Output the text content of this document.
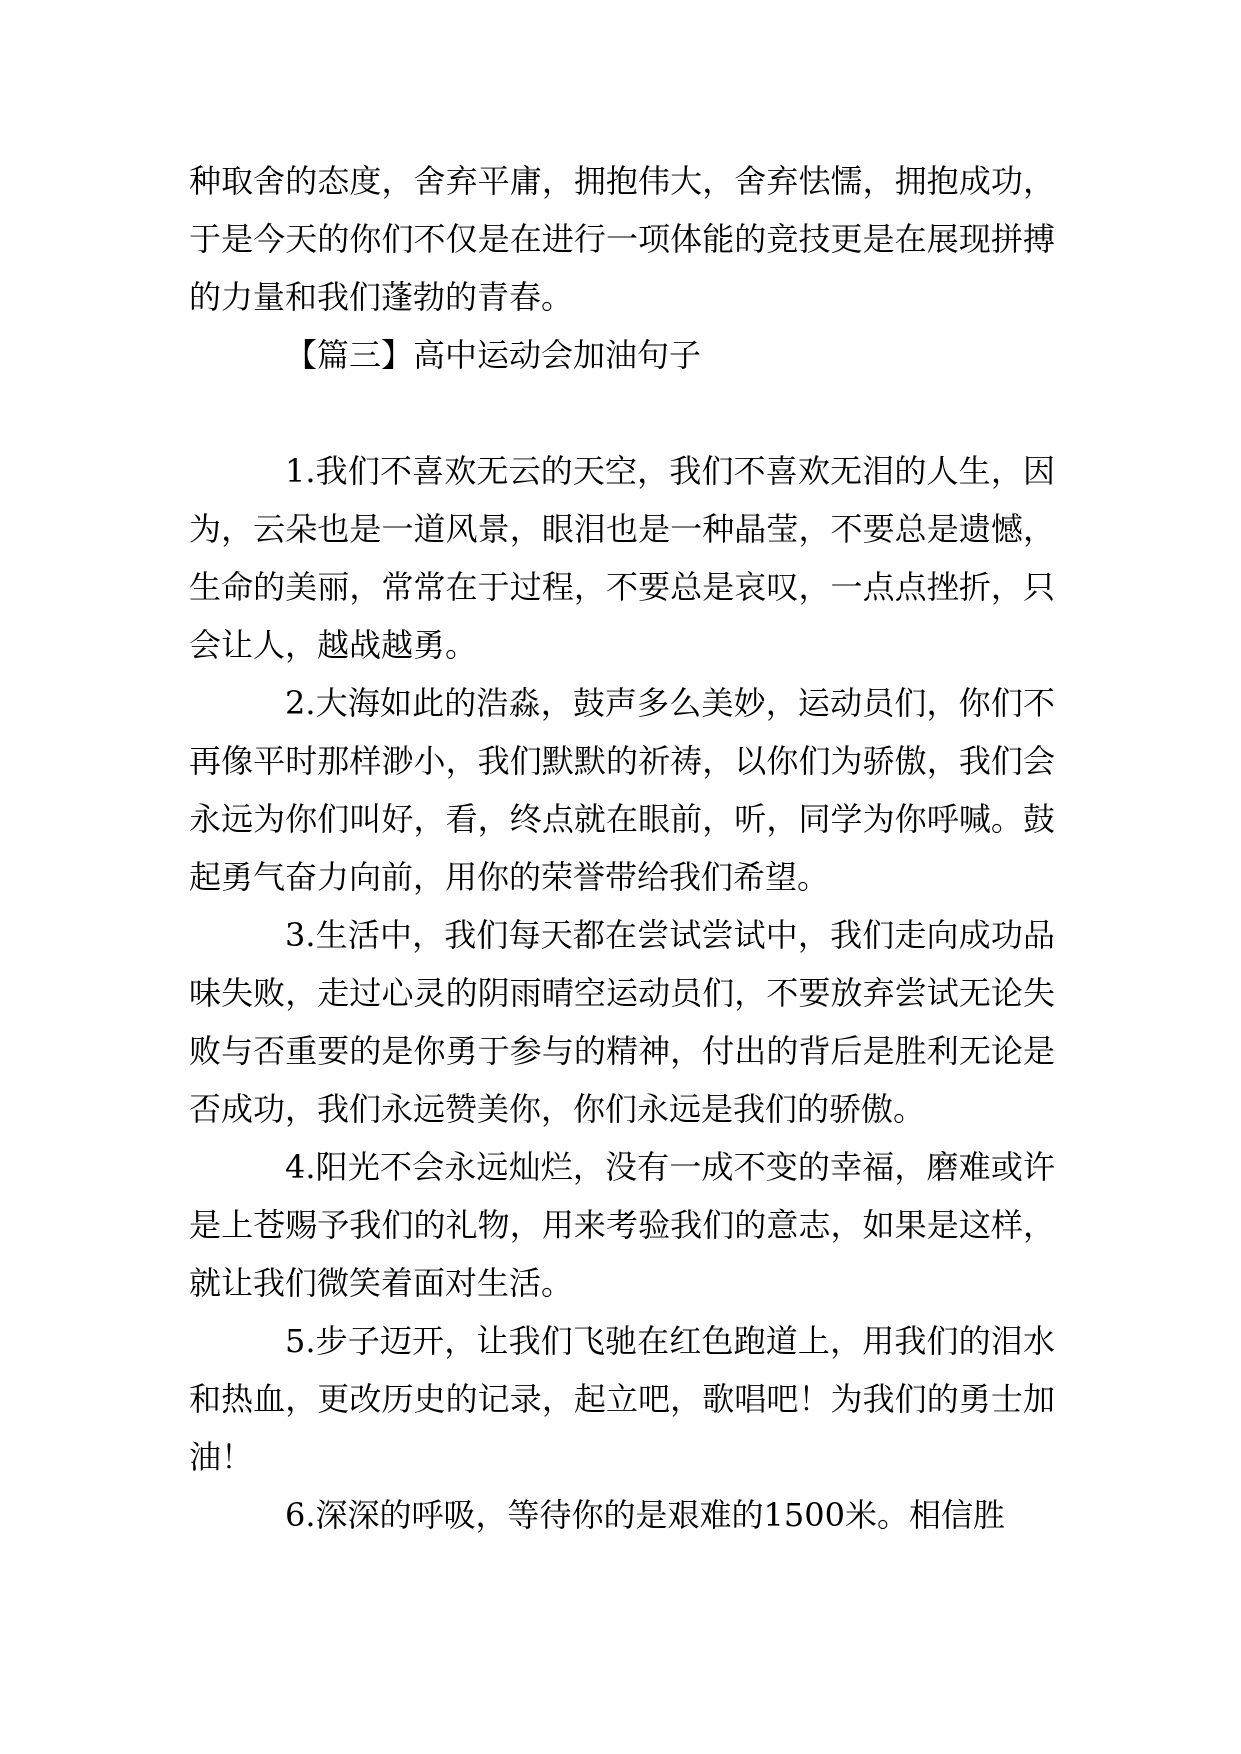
种取舍的态度，舍弃平庸，拥抱伟大，舍弃怯懦，拥抱成功，于是今天的你们不仅是在进行一项体能的竞技更是在展现拼搏的力量和我们蓬勃的青春。

【篇三】高中运动会加油句子

1.我们不喜欢无云的天空，我们不喜欢无泪的人生，因为，云朵也是一道风景，眼泪也是一种晶莹，不要总是遗憾，生命的美丽，常常在于过程，不要总是哀叹，一点点挫折，只会让人，越战越勇。

2.大海如此的浩淼，鼓声多么美妙，运动员们，你们不再像平时那样渺小，我们默默的祈祷，以你们为骄傲，我们会永远为你们叫好，看，终点就在眼前，听，同学为你呼喊。鼓起勇气奋力向前，用你的荣誉带给我们希望。

3.生活中，我们每天都在尝试尝试中，我们走向成功品味失败，走过心灵的阴雨晴空运动员们，不要放弃尝试无论失败与否重要的是你勇于参与的精神，付出的背后是胜利无论是否成功，我们永远赞美你，你们永远是我们的骄傲。

4.阳光不会永远灿烂，没有一成不变的幸福，磨难或许是上苍赐予我们的礼物，用来考验我们的意志，如果是这样，就让我们微笑着面对生活。

5.步子迈开，让我们飞驰在红色跑道上，用我们的泪水和热血，更改历史的记录，起立吧，歌唱吧！为我们的勇士加油！

6.深深的呼吸，等待你的是艰难的1500米。相信胜
